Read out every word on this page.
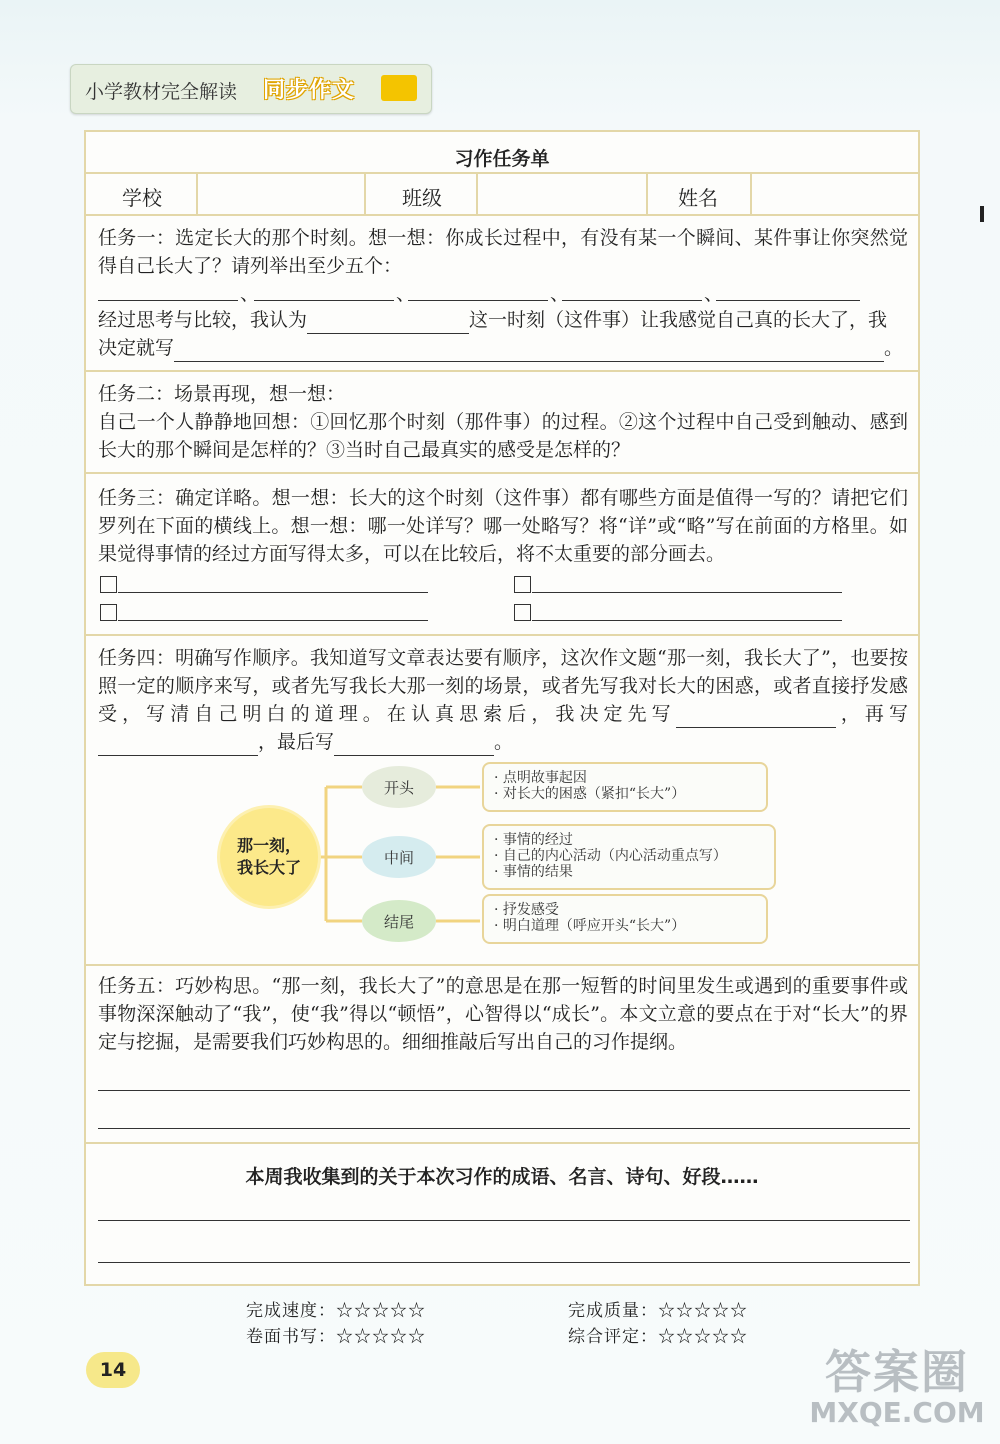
小学教材完全解读 同步作文
习作任务单
学校	班级	姓名
任务一：选定长大的那个时刻。想一想：你成长过程中，有没有某一个瞬间、某件事让你突然觉得自己长大了？请列举出至少五个：
、	、	、	、
经过思考与比较，我认为	这一时刻（这件事）让我感觉自己真的长大了，我
决定就写	。
任务二：场景再现，想一想：
自己一个人静静地回想：①回忆那个时刻（那件事）的过程。②这个过程中自己受到触动、感到长大的那个瞬间是怎样的？③当时自己最真实的感受是怎样的？
任务三：确定详略。想一想：长大的这个时刻（这件事）都有哪些方面是值得一写的？请把它们罗列在下面的横线上。想一想：哪一处详写？哪一处略写？将“详”或“略”写在前面的方格里。如果觉得事情的经过方面写得太多，可以在比较后，将不太重要的部分画去。
任务四：明确写作顺序。我知道写文章表达要有顺序，这次作文题“那一刻，我长大了”，也要按照一定的顺序来写，或者先写我长大那一刻的场景，或者先写我对长大的困惑，或者直接抒发感受，写清自己明白的道理。在认真思索后，我决定先写	，再写，最后写	。
任务五：巧妙构思。“那一刻，我长大了”的意思是在那一短暂的时间里发生或遇到的重要事件或事物深深触动了“我”，使“我”得以“顿悟”，心智得以“成长”。本文立意的要点在于对“长大”的界定与挖掘，是需要我们巧妙构思的。细细推敲后写出自己的习作提纲。
本周我收集到的关于本次习作的成语、名言、诗句、好段……
那一刻，
我长大了
开头
中间
结尾
· 点明故事起因
· 对长大的困惑（紧扣“长大”）
· 事情的经过
· 自己的内心活动（内心活动重点写）
· 事情的结果
· 抒发感受
· 明白道理（呼应开头“长大”）
完成速度：☆☆☆☆☆	完成质量：☆☆☆☆☆
卷面书写：☆☆☆☆☆	综合评定：☆☆☆☆☆
14	答案圈
MXQE.COM
